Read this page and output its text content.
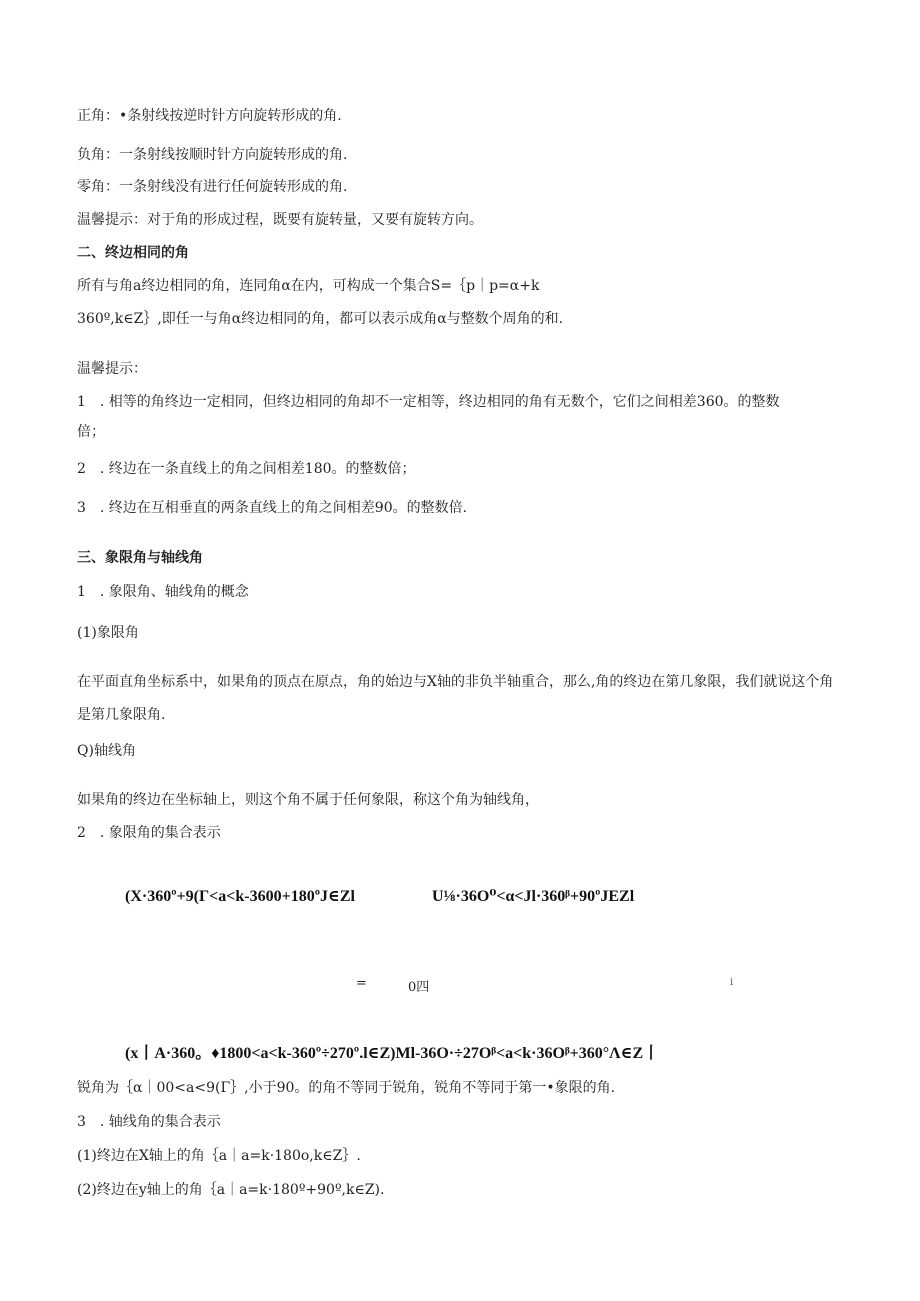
正角：•条射线按逆时针方向旋转形成的角.
负角：一条射线按顺时针方向旋转形成的角.
零角：一条射线没有进行任何旋转形成的角.
温馨提示：对于角的形成过程，既要有旋转量，又要有旋转方向。
二、终边相同的角
所有与角a终边相同的角，连同角α在内，可构成一个集合S=｛p｜p=α+k
360º,k∈Z｝,即任一与角α终边相同的角，都可以表示成角α与整数个周角的和.
温馨提示：
1　. 相等的角终边一定相同，但终边相同的角却不一定相等，终边相同的角有无数个，它们之间相差360。的整数
倍；
2　. 终边在一条直线上的角之间相差180。的整数倍；
3　. 终边在互相垂直的两条直线上的角之间相差90。的整数倍.
三、象限角与轴线角
1　. 象限角、轴线角的概念
(1)象限角
在平面直角坐标系中，如果角的顶点在原点，角的始边与X轴的非负半轴重合，那么,角的终边在第几象限，我们就说这个角是第几象限角.
Q)轴线角
如果角的终边在坐标轴上，则这个角不属于任何象限，称这个角为轴线角，
2　. 象限角的集合表示
(X·360º+9(Γ<a<k-3600+180ºJ∈Zl	U⅛·36O⁰<α<Jl·360ᵝ+90ºJEZl
=	0四	i
(x丨A·360。♦1800<a<k-360º÷270º.l∈Z)Ml-36O·÷27Oᵝ<a<k·36Oᵝ+360°Λ∈Z丨
锐角为｛α｜00<a<9(Γ｝,小于90。的角不等同于锐角，锐角不等同于第一•象限的角.
3　. 轴线角的集合表示
(1)终边在X轴上的角｛a｜a=k·180o,k∈Z｝.
(2)终边在y轴上的角｛a｜a=k·180º+90º,k∈Z).
